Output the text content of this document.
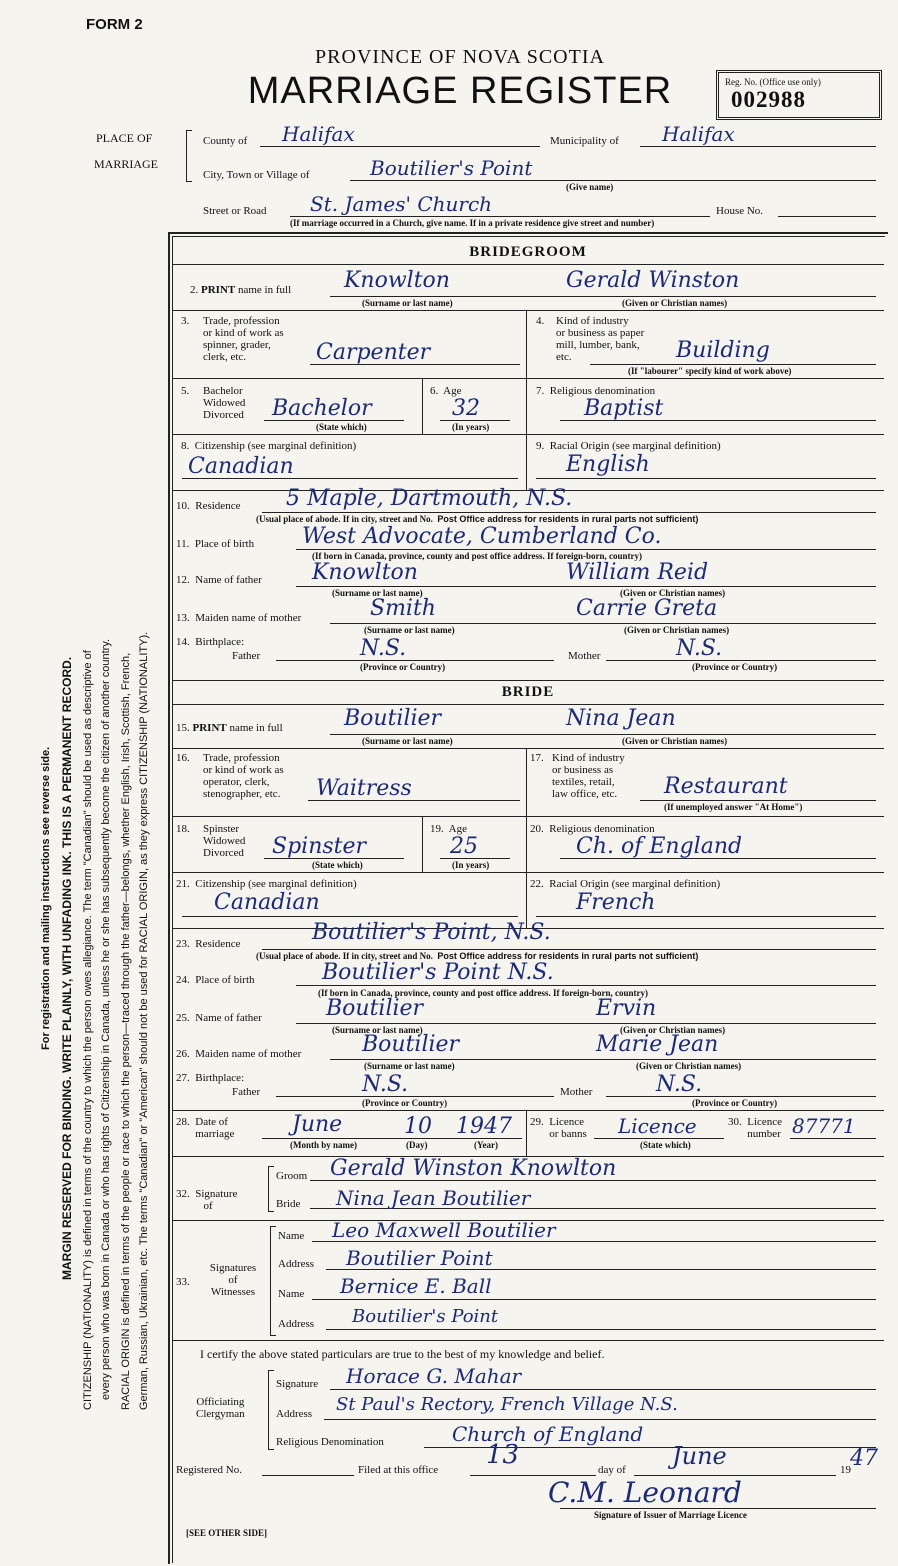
FORM 2
PROVINCE OF NOVA SCOTIA
MARRIAGE REGISTER	Reg. No. (Office use only)
002988
PLACE OF
MARRIAGE
County of Halifax	Municipality of Halifax
City, Town or Village of	Boutilier's Point
(Give name)
Street or Road St. James' Church	House No.
(If marriage occurred in a Church, give name. If in a private residence give street and number)
For registration and mailing instructions see reverse side. MARGIN RESERVED FOR BINDING. WRITE PLAINLY, WITH UNFADING INK. THIS IS A PERMANENT RECORD. CITIZENSHIP (NATIONALITY) is defined in terms of the country to which the person owes allegiance. The term "Canadian" should be used as descriptive of every person who was born in Canada or who has rights of Citizenship in Canada, unless he or she has subsequently become the citizen of another country. RACIAL ORIGIN is defined in terms of the people or race to which the person—traced through the father—belongs, whether English, Irish, Scottish, French, German, Russian, Ukrainian, etc. The terms "Canadian" or "American" should not be used for RACIAL ORIGIN, as they express CITIZENSHIP (NATIONALITY).
BRIDEGROOM
2. PRINT name in full Knowlton	Gerald Winston
(Surname or last name)	(Given or Christian names)
3. Trade, profession
or kind of work as
spinner, grader,
clerk, etc.	Carpenter
4. Kind of industry
or business as paper
mill, lumber, bank,
etc.	Building
(If "labourer" specify kind of work above)
5. Bachelor
Widowed
Divorced Bachelor
(State which)
6.  Age
32
(In years)
7.  Religious denomination
Baptist
8.  Citizenship (see marginal definition)
Canadian
9.  Racial Origin (see marginal definition)
English
10.  Residence 5 Maple, Dartmouth, N.S.
(Usual place of abode. If in city, street and No. Post Office address for residents in rural parts not sufficient)
11.  Place of birth West Advocate, Cumberland Co.
(If born in Canada, province, county and post office address. If foreign-born, country)
12.  Name of father Knowlton	William Reid
(Surname or last name)	(Given or Christian names)
13.  Maiden name of mother	Smith	Carrie Greta
(Surname or last name)	(Given or Christian names)
14.  Birthplace:
Father	N.S.
(Province or Country)
Mother	N.S.
(Province or Country)
BRIDE
15. PRINT name in full	Boutilier	Nina Jean
(Surname or last name)	(Given or Christian names)
16. Trade, profession
or kind of work as
operator, clerk,
stenographer, etc. Waitress
17. Kind of industry
or business as
textiles, retail,
law office, etc.	Restaurant
(If unemployed answer "At Home")
18. Spinster
Widowed
Divorced Spinster
(State which)
19.  Age
25
(In years)
20.  Religious denomination
Ch. of England
21.  Citizenship (see marginal definition)
Canadian
22.  Racial Origin (see marginal definition)
French
23.  Residence	Boutilier's Point, N.S.
(Usual place of abode. If in city, street and No. Post Office address for residents in rural parts not sufficient)
24.  Place of birth	Boutilier's Point N.S.
(If born in Canada, province, county and post office address. If foreign-born, country)
25.  Name of father	Boutilier	Ervin
(Surname or last name)	(Given or Christian names)
26.  Maiden name of mother	Boutilier	Marie Jean
(Surname or last name)	(Given or Christian names)
27.  Birthplace:
Father	N.S.
(Province or Country)
Mother	N.S.
(Province or Country)
28.  Date of
marriage	June	10 1947
(Month by name)	(Day)	(Year)
29.  Licence
or banns Licence
(State which)
30.  Licence
number 87771
32.  Signature
of
Groom Gerald Winston Knowlton
Bride Nina Jean Boutilier
33.
Signatures
of
Witnesses
Name Leo Maxwell Boutilier
Address Boutilier Point
Name Bernice E. Ball
Address Boutilier's Point
I certify the above stated particulars are true to the best of my knowledge and belief.
Officiating
Clergyman
Signature Horace G. Mahar
Address St Paul's Rectory, French Village N.S.
Religious Denomination	Church of England
Registered No.	Filed at this office 13	day of June	19 47
C.M. Leonard
Signature of Issuer of Marriage Licence
[SEE OTHER SIDE]
